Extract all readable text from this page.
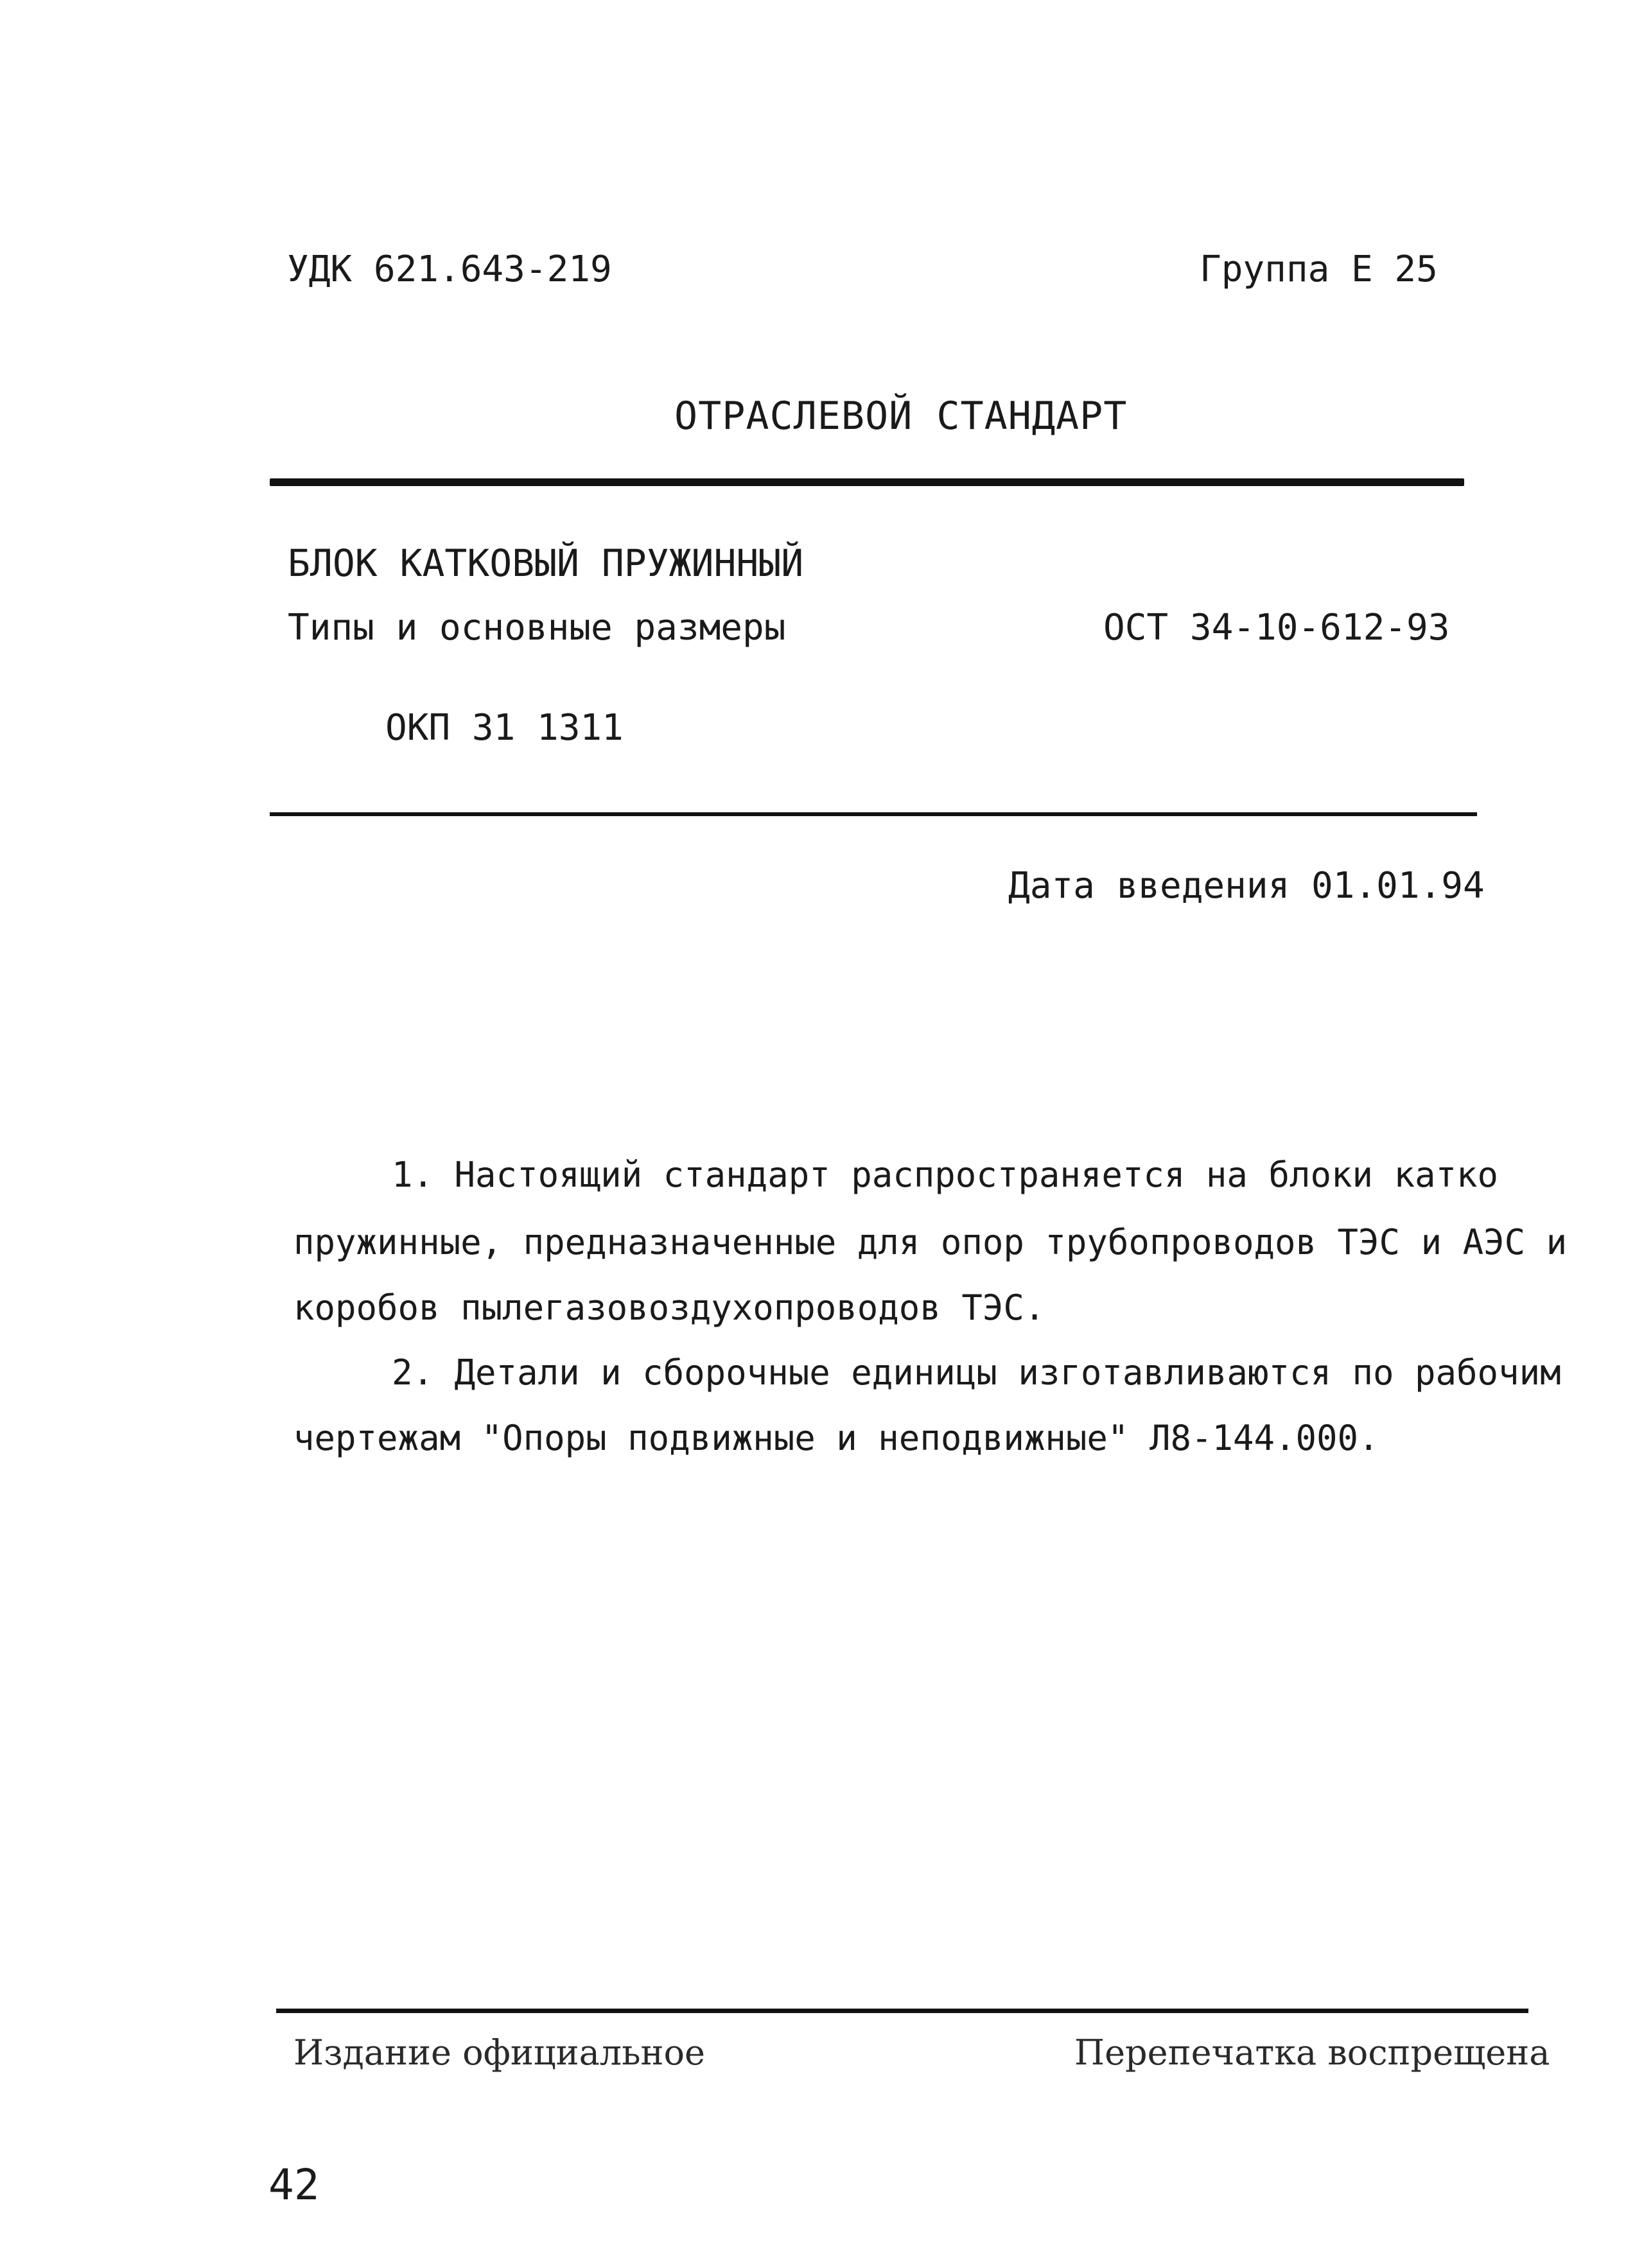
УДК 621.643-219	Группа Е 25
ОТРАСЛЕВОЙ СТАНДАРТ
БЛОК КАТКОВЫЙ ПРУЖИННЫЙ
Типы и основные размеры	ОСТ 34-10-612-93
ОКП 31 1311
Дата введения 01.01.94
1. Настоящий стандарт распространяется на блоки катко
пружинные, предназначенные для опор трубопроводов ТЭС и АЭС и
коробов пылегазовоздухопроводов ТЭС.
2. Детали и сборочные единицы изготавливаются по рабочим
чертежам "Опоры подвижные и неподвижные" Л8-144.000.
Издание официальное	Перепечатка воспрещена
42
